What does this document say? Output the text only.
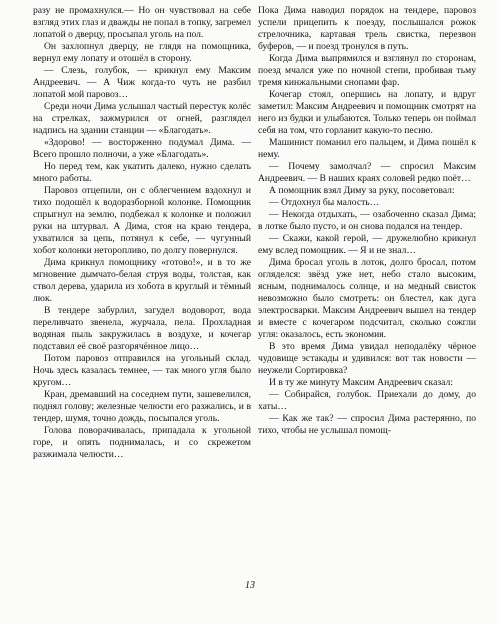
разу не промахнулся.— Но он чувствовал на себе взгляд этих глаз и дважды не попал в топку, загремел лопатой о дверцу, просыпал уголь на пол.

Он захлопнул дверцу, не глядя на помощника, вернул ему лопату и отошёл в сторону.

— Слезь, голубок, — крикнул ему Максим Андреевич. — А Чиж когда-то чуть не разбил лопатой мой паровоз…

Среди ночи Дима услышал частый перестук колёс на стрелках, зажмурился от огней, разглядел надпись на здании станции — «Благодать».

«Здорово! — восторженно подумал Дима. — Всего прошло полночи, а уже «Благодать».

Но перед тем, как укатить далеко, нужно сделать много работы.

Паровоз отцепили, он с облегчением вздохнул и тихо подошёл к водоразборной колонке. Помощник спрыгнул на землю, подбежал к колонке и положил руки на штурвал. А Дима, стоя на краю тендера, ухватился за цепь, потянул к себе, — чугунный хобот колонки неторопливо, по долгу повернулся.

Дима крикнул помощнику «готово!», и в то же мгновение дымчато-белая струя воды, толстая, как ствол дерева, ударила из хобота в круглый и тёмный люк.

В тендере забурлил, загудел водоворот, вода переливчато звенела, журчала, пела. Прохладная водяная пыль закружилась в воздухе, и кочегар подставил её своё разгорячённое лицо…

Потом паровоз отправился на угольный склад. Ночь здесь казалась темнее, — так много угля было кругом…

Кран, дремавший на соседнем пути, зашевелился, поднял голову; железные челюсти его разжались, и в тендер, шумя, точно дождь, посыпался уголь.

Голова поворачивалась, припадала к угольной горе, и опять поднималась, и со скрежетом разжимала челюсти…

Пока Дима наводил порядок на тендере, паровоз успели прицепить к поезду, послышался рожок стрелочника, картавая трель свистка, перезвон буферов, — и поезд тронулся в путь.

Когда Дима выпрямился и взглянул по сторонам, поезд мчался уже по ночной степи, пробивая тьму тремя кинжальными снопами фар.

Кочегар стоял, опершись на лопату, и вдруг заметил: Максим Андреевич и помощник смотрят на него из будки и улыбаются. Только теперь он поймал себя на том, что горланит какую-то песню.

Машинист поманил его пальцем, и Дима пошёл к нему.

— Почему замолчал? — спросил Максим Андреевич. — В наших краях соловей редко поёт…

А помощник взял Диму за руку, посоветовал:

— Отдохнул бы малость…

— Некогда отдыхать, — озабоченно сказал Дима; в лотке было пусто, и он снова подался на тендер.

— Скажи, какой герой, — дружелюбно крикнул ему вслед помощник. — Я и не знал…

Дима бросал уголь в лоток, долго бросал, потом огляделся: звёзд уже нет, небо стало высоким, ясным, поднималось солнце, и на медный свисток невозможно было смотреть: он блестел, как дуга электросварки. Максим Андреевич вышел на тендер и вместе с кочегаром подсчитал, сколько сожгли угля: оказалось, есть экономия.

В это время Дима увидал неподалёку чёрное чудовище эстакады и удивился: вот так новости — неужели Сортировка?

И в ту же минуту Максим Андреевич сказал:

— Собирайся, голубок. Приехали до дому, до хаты…

— Как же так? — спросил Дима растерянно, по тихо, чтобы не услышал помощ-

13
